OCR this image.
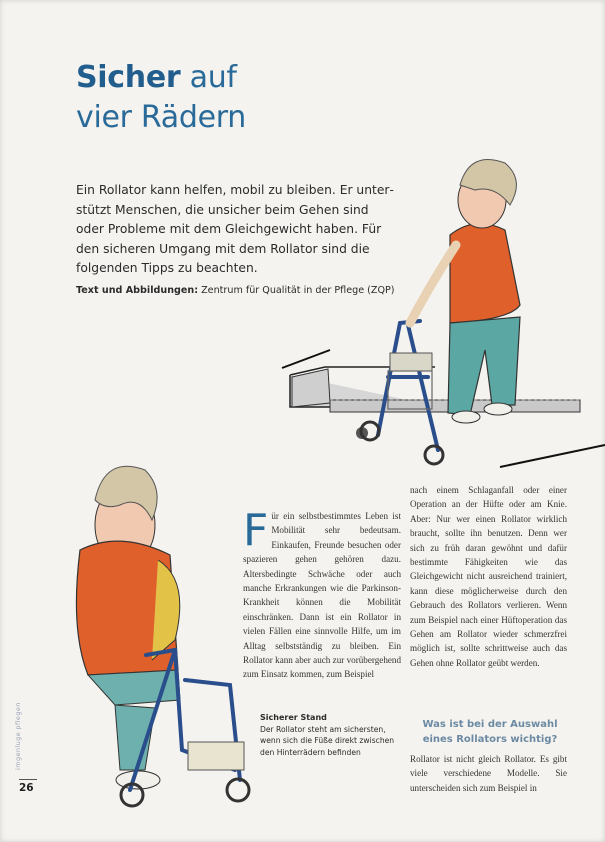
Sicher auf
vier Rädern

Ein Rollator kann helfen, mobil zu bleiben. Er unterstützt Menschen, die unsicher beim Gehen sind oder Probleme mit dem Gleichgewicht haben. Für den sicheren Umgang mit dem Rollator sind die folgenden Tipps zu beachten.

Text und Abbildungen: Zentrum für Qualität in der Pflege (ZQP)

Für ein selbstbestimmtes Leben ist Mobilität sehr bedeutsam. Einkaufen, Freunde besuchen oder spazieren gehen gehören dazu. Altersbedingte Schwäche oder auch manche Erkrankungen wie die Parkinson-Krankheit können die Mobilität einschränken. Dann ist ein Rollator in vielen Fällen eine sinnvolle Hilfe, um im Alltag selbstständig zu bleiben. Ein Rollator kann aber auch zur vorübergehend zum Einsatz kommen, zum Beispiel

nach einem Schlaganfall oder einer Operation an der Hüfte oder am Knie. Aber: Nur wer einen Rollator wirklich braucht, sollte ihn benutzen. Denn wer sich zu früh daran gewöhnt und dafür bestimmte Fähigkeiten wie das Gleichgewicht nicht ausreichend trainiert, kann diese möglicherweise durch den Gebrauch des Rollators verlieren. Wenn zum Beispiel nach einer Hüftoperation das Gehen am Rollator wieder schmerzfrei möglich ist, sollte schrittweise auch das Gehen ohne Rollator geübt werden.

Was ist bei der Auswahl eines Rollators wichtig?

Rollator ist nicht gleich Rollator. Es gibt viele verschiedene Modelle. Sie unterscheiden sich zum Beispiel in

Sicherer Stand
Der Rollator steht am sichersten, wenn sich die Füße direkt zwischen den Hinterrädern befinden
imgenluge pflegen
26
